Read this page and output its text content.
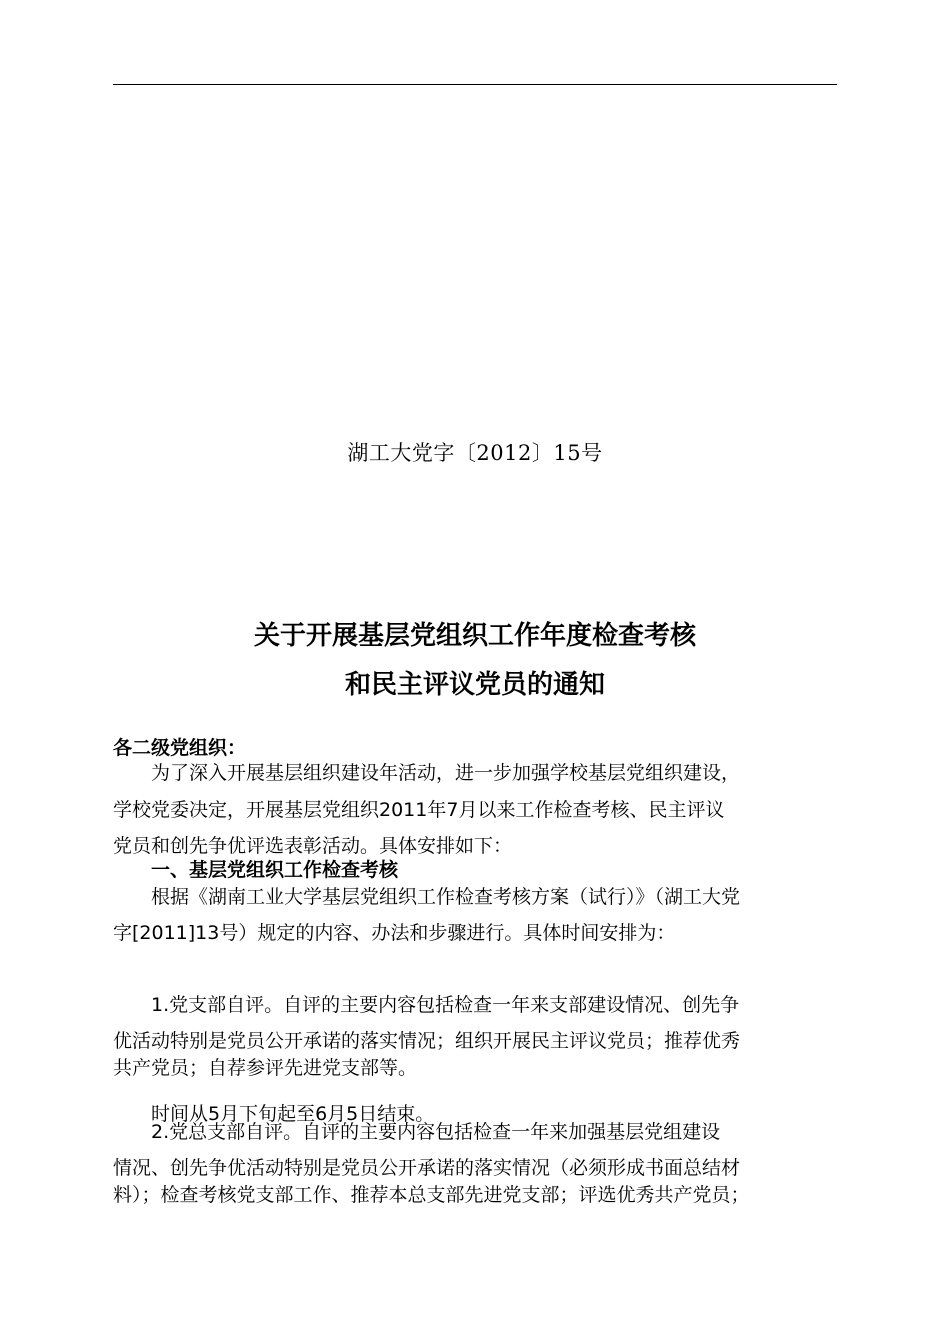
湖工大党字〔2012〕15号
关于开展基层党组织工作年度检查考核
和民主评议党员的通知

各二级党组织：

　　为了深入开展基层组织建设年活动，进一步加强学校基层党组织建设，

学校党委决定，开展基层党组织2011年7月以来工作检查考核、民主评议

党员和创先争优评选表彰活动。具体安排如下：

　　一、基层党组织工作检查考核

　　根据《湖南工业大学基层党组织工作检查考核方案（试行）》（湖工大党

字[2011]13号）规定的内容、办法和步骤进行。具体时间安排为：

　　1.党支部自评。自评的主要内容包括检查一年来支部建设情况、创先争

优活动特别是党员公开承诺的落实情况；组织开展民主评议党员；推荐优秀

共产党员；自荐参评先进党支部等。

　　时间从5月下旬起至6月5日结束。

　　2.党总支部自评。自评的主要内容包括检查一年来加强基层党组建设

情况、创先争优活动特别是党员公开承诺的落实情况（必须形成书面总结材

料）；检查考核党支部工作、推荐本总支部先进党支部；评选优秀共产党员；
